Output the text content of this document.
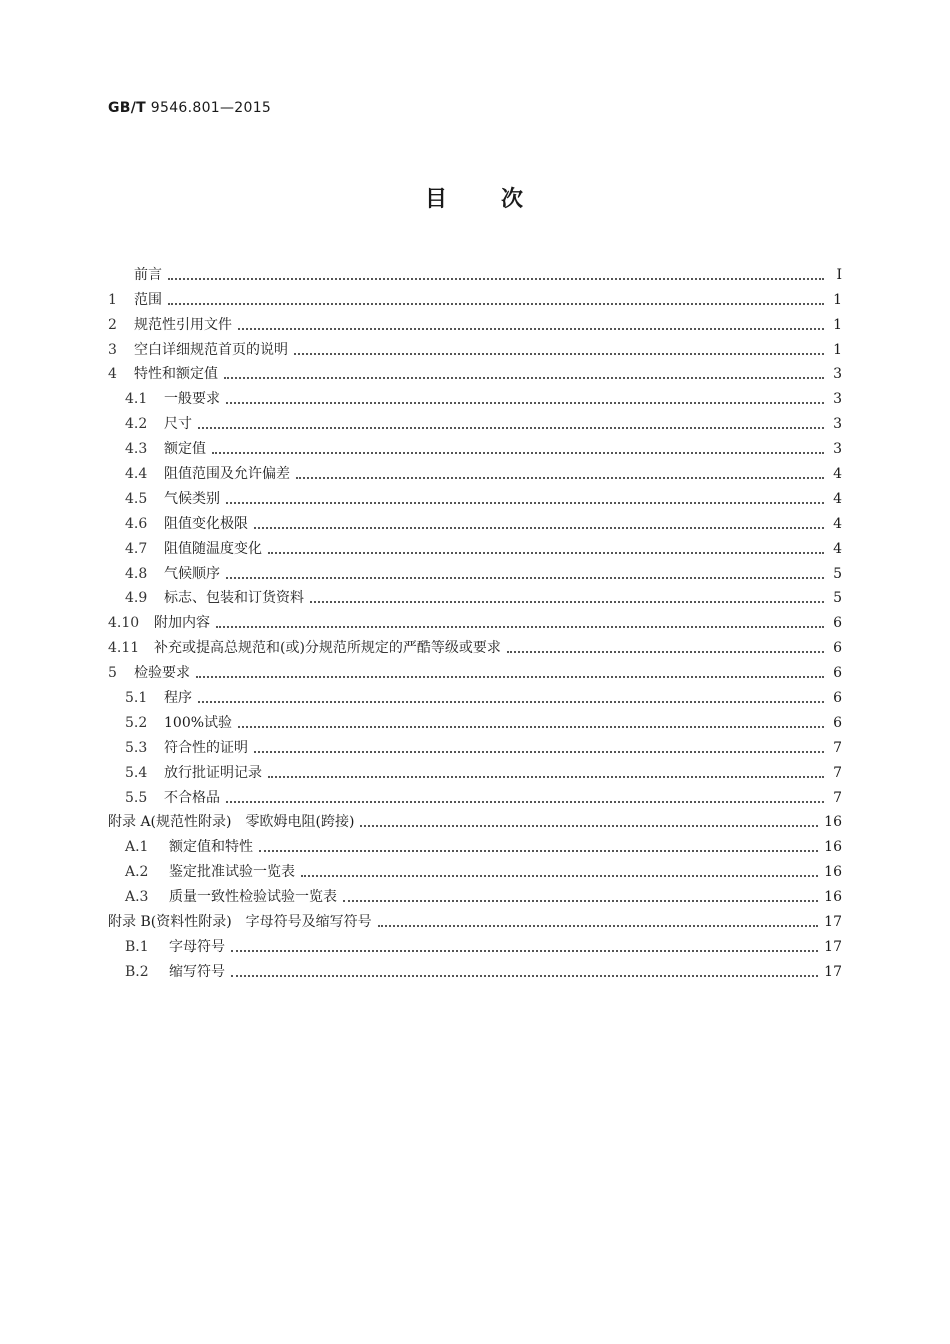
GB/T 9546.801—2015
目 次
前言	Ⅰ
1	范围	1
2	规范性引用文件	1
3	空白详细规范首页的说明	1
4	特性和额定值	3
4.1	一般要求	3
4.2	尺寸	3
4.3	额定值	3
4.4	阻值范围及允许偏差	4
4.5	气候类别	4
4.6	阻值变化极限	4
4.7	阻值随温度变化	4
4.8	气候顺序	5
4.9	标志、包装和订货资料	5
4.10	附加内容	6
4.11	补充或提高总规范和(或)分规范所规定的严酷等级或要求	6
5	检验要求	6
5.1	程序	6
5.2	100%试验	6
5.3	符合性的证明	7
5.4	放行批证明记录	7
5.5	不合格品	7
附录 A(规范性附录)　零欧姆电阻(跨接)	16
A.1	额定值和特性	16
A.2	鉴定批准试验一览表	16
A.3	质量一致性检验试验一览表	16
附录 B(资料性附录)　字母符号及缩写符号	17
B.1	字母符号	17
B.2	缩写符号	17
